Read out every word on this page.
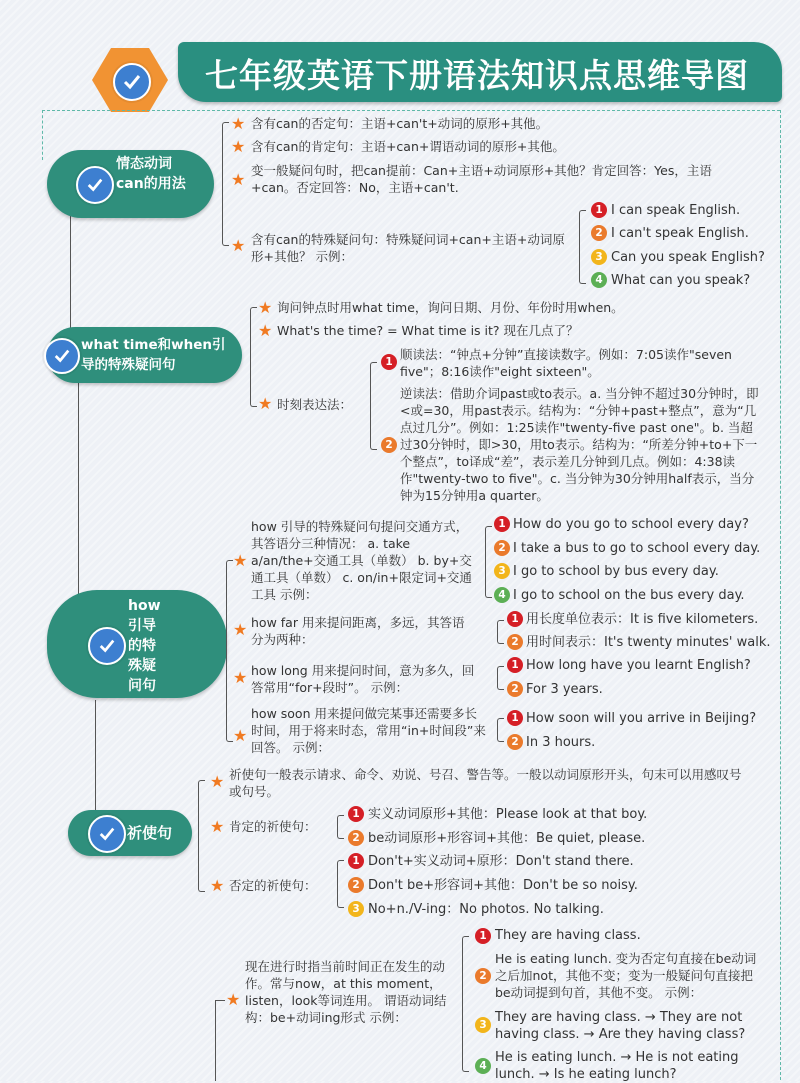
七年级英语下册语法知识点思维导图
情态动词can的用法
★ 含有can的否定句：主语+can't+动词的原形+其他。
★ 含有can的肯定句：主语+can+谓语动词的原形+其他。
★ 变一般疑问句时，把can提前：Can+主语+动词原形+其他？肯定回答：Yes，主语+can。否定回答：No，主语+can't.
★ 含有can的特殊疑问句：特殊疑问词+can+主语+动词原形+其他？ 示例：
1 I can speak English.
2 I can't speak English.
3 Can you speak English?
4 What can you speak?
what time和when引导的特殊疑问句
★ 询问钟点时用what time，询问日期、月份、年份时用when。
★ What's the time? = What time is it? 现在几点了？
★ 时刻表达法：
1 顺读法：“钟点+分钟”直接读数字。例如：7:05读作"seven five"；8:16读作"eight sixteen"。
2
逆读法：借助介词past或to表示。a. 当分钟不超过30分钟时，即<或=30，用past表示。结构为：“分钟+past+整点”，意为“几点过几分”。例如：1:25读作"twenty-five past one"。b. 当超过30分钟时，即>30，用to表示。结构为：“所差分钟+to+下一个整点”，to译成“差”，表示差几分钟到几点。例如：4:38读作"twenty-two to five"。c. 当分钟为30分钟用half表示，当分钟为15分钟用a quarter。
how引导的特殊疑问句
★
how 引导的特殊疑问句提问交通方式，其答语分三种情况： a. take a/an/the+交通工具（单数） b. by+交通工具（单数） c. on/in+限定词+交通工具 示例：
1 How do you go to school every day?
2 I take a bus to go to school every day.
3 I go to school by bus every day.
4 I go to school on the bus every day.
★ how far 用来提问距离，多远，其答语分为两种：
1 用长度单位表示：It is five kilometers.
2 用时间表示：It's twenty minutes' walk.
★ how long 用来提问时间，意为多久，回答常用“for+段时”。 示例：
1 How long have you learnt English?
2 For 3 years.
★
how soon 用来提问做完某事还需要多长时间，用于将来时态，常用“in+时间段”来回答。 示例：
1 How soon will you arrive in Beijing?
2 In 3 hours.
祈使句
★ 祈使句一般表示请求、命令、劝说、号召、警告等。一般以动词原形开头，句末可以用感叹号或句号。
★ 肯定的祈使句：
1 实义动词原形+其他：Please look at that boy.
2 be动词原形+形容词+其他：Be quiet, please.
★ 否定的祈使句：
1 Don't+实义动词+原形：Don't stand there.
2 Don't be+形容词+其他：Don't be so noisy.
3 No+n./V-ing：No photos. No talking.
★
现在进行时指当前时间正在发生的动作。常与now，at this moment，listen，look等词连用。 谓语动词结构：be+动词ing形式 示例：
1 They are having class.
2
He is eating lunch. 变为否定句直接在be动词之后加not，其他不变；变为一般疑问句直接把be动词提到句首，其他不变。 示例：
3 They are having class. → They are not having class. → Are they having class?
4
He is eating lunch. → He is not eating lunch. → Is he eating lunch?
